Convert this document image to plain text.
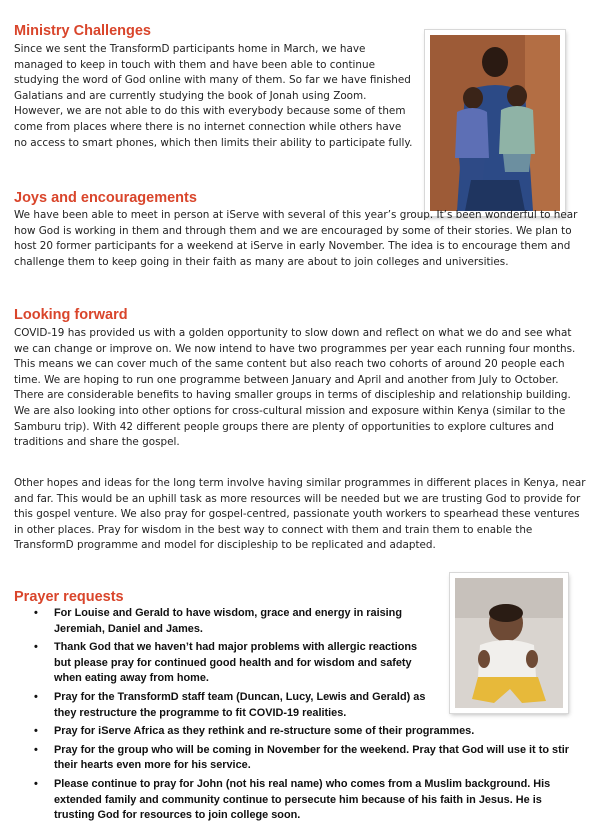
Ministry Challenges

Since we sent the TransformD participants home in March, we have managed to keep in touch with them and have been able to continue studying the word of God online with many of them. So far we have finished Galatians and are currently studying the book of Jonah using Zoom. However, we are not able to do this with everybody because some of them come from places where there is no internet connection while others have no access to smart phones, which then limits their ability to participate fully.

Joys and encouragements

We have been able to meet in person at iServe with several of this year’s group. It’s been wonderful to hear how God is working in them and through them and we are encouraged by some of their stories. We plan to host 20 former participants for a weekend at iServe in early November. The idea is to encourage them and challenge them to keep going in their faith as many are about to join colleges and universities.

Looking forward

COVID-19 has provided us with a golden opportunity to slow down and reflect on what we do and see what we can change or improve on. We now intend to have two programmes per year each running four months. This means we can cover much of the same content but also reach two cohorts of around 20 people each time. We are hoping to run one programme between January and April and another from July to October. There are considerable benefits to having smaller groups in terms of discipleship and relationship building. We are also looking into other options for cross-cultural mission and exposure within Kenya (similar to the Samburu trip). With 42 different people groups there are plenty of opportunities to explore cultures and traditions and share the gospel.

Other hopes and ideas for the long term involve having similar programmes in different places in Kenya, near and far. This would be an uphill task as more resources will be needed but we are trusting God to provide for this gospel venture. We also pray for gospel-centred, passionate youth workers to spearhead these ventures in other places. Pray for wisdom in the best way to connect with them and train them to enable the TransformD programme and model for discipleship to be replicated and adapted.

Prayer requests
• For Louise and Gerald to have wisdom, grace and energy in raising Jeremiah, Daniel and James.
• Thank God that we haven’t had major problems with allergic reactions but please pray for continued good health and for wisdom and safety when eating away from home.
• Pray for the TransformD staff team (Duncan, Lucy, Lewis and Gerald) as they restructure the programme to fit COVID-19 realities.
• Pray for iServe Africa as they rethink and re-structure some of their programmes.
• Pray for the group who will be coming in November for the weekend. Pray that God will use it to stir their hearts even more for his service.
• Please continue to pray for John (not his real name) who comes from a Muslim background. His extended family and community continue to persecute him because of his faith in Jesus. He is trusting God for resources to join college soon.
